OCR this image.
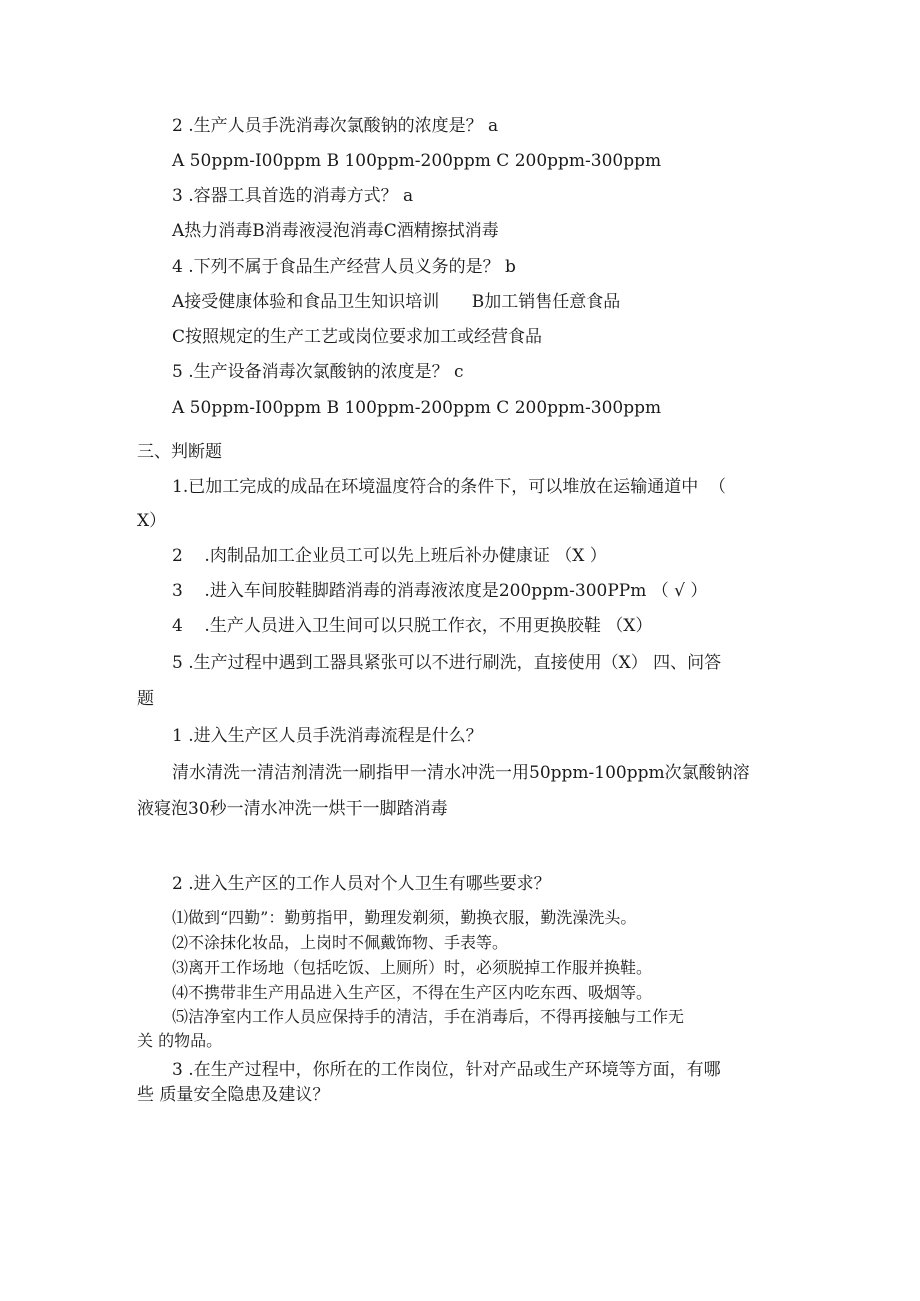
2 .生产人员手洗消毒次氯酸钠的浓度是？ a
A 50ppm-I00ppm B 100ppm-200ppm C 200ppm-300ppm
3 .容器工具首选的消毒方式？ a
A热力消毒B消毒液浸泡消毒C酒精擦拭消毒
4 .下列不属于食品生产经营人员义务的是？ b
A接受健康体验和食品卫生知识培训      B加工销售任意食品
C按照规定的生产工艺或岗位要求加工或经营食品
5 .生产设备消毒次氯酸钠的浓度是？ c
A 50ppm-I00ppm B 100ppm-200ppm C 200ppm-300ppm
三、判断题
1.已加工完成的成品在环境温度符合的条件下，可以堆放在运输通道中  （
X）
2    .肉制品加工企业员工可以先上班后补办健康证 （X ）
3    .进入车间胶鞋脚踏消毒的消毒液浓度是200ppm-300PPm （ √ ）
4    .生产人员进入卫生间可以只脱工作衣，不用更换胶鞋 （X）
5 .生产过程中遇到工器具紧张可以不进行刷洗，直接使用（X） 四、问答
题
1 .进入生产区人员手洗消毒流程是什么？
清水清洗一清洁剂清洗一刷指甲一清水冲洗一用50ppm-100ppm次氯酸钠溶
液寝泡30秒一清水冲洗一烘干一脚踏消毒
2 .进入生产区的工作人员对个人卫生有哪些要求？
⑴做到“四勤”：勤剪指甲，勤理发剃须，勤换衣服，勤洗澡洗头。
⑵不涂抹化妆品，上岗时不佩戴饰物、手表等。
⑶离开工作场地（包括吃饭、上厕所）时，必须脱掉工作服并换鞋。
⑷不携带非生产用品进入生产区，不得在生产区内吃东西、吸烟等。
⑸洁净室内工作人员应保持手的清洁，手在消毒后，不得再接触与工作无
关 的物品。
3 .在生产过程中，你所在的工作岗位，针对产品或生产环境等方面，有哪
些 质量安全隐患及建议？
